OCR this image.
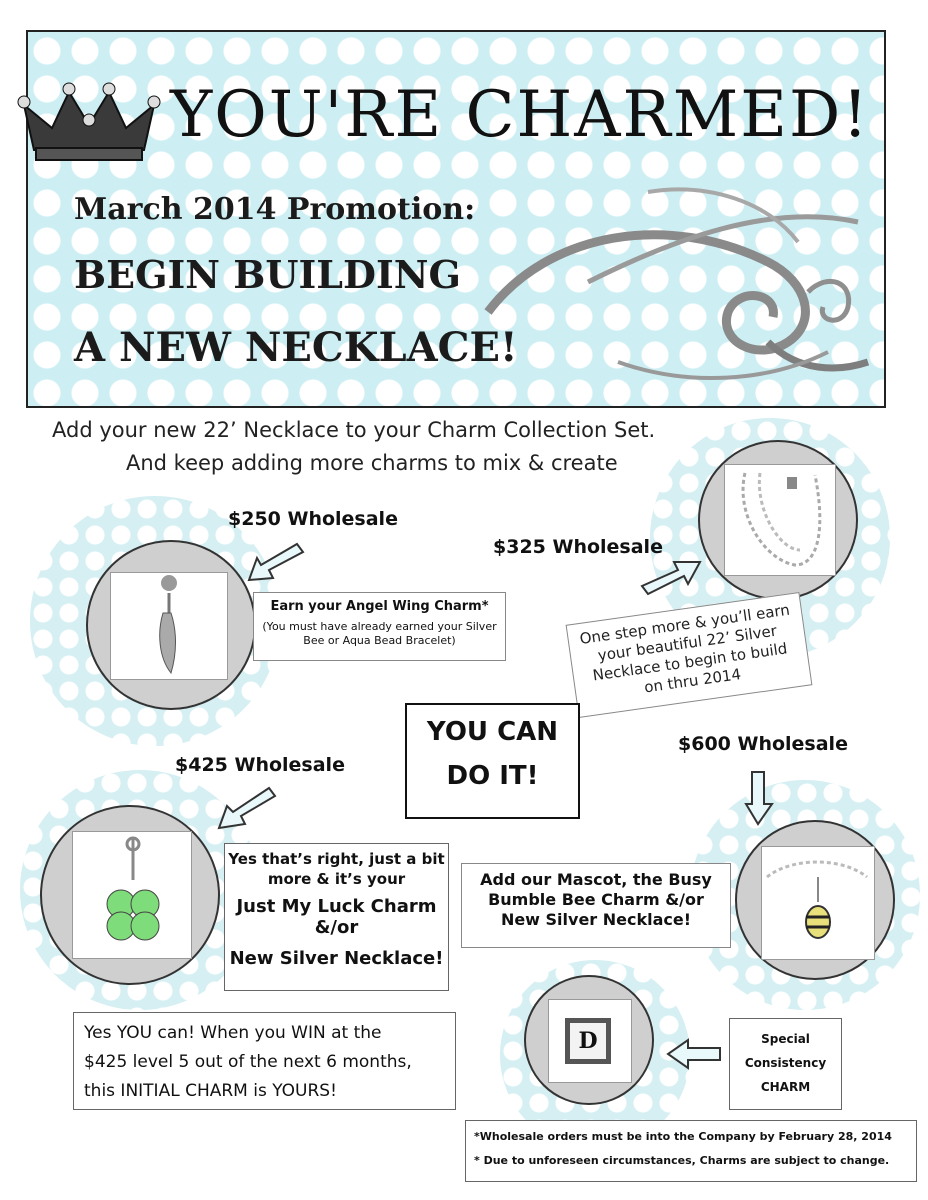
YOU'RE CHARMED!
March 2014 Promotion:
BEGIN BUILDING
A NEW NECKLACE!
Add your new 22’ Necklace to your Charm Collection Set.
And keep adding more charms to mix & create
$250 Wholesale
Earn your Angel Wing Charm*
(You must have already earned your Silver Bee or Aqua Bead Bracelet)
$325 Wholesale
One step more & you’ll earn your beautiful 22’ Silver Necklace to begin to build on thru 2014
YOU CAN
DO IT!
$425 Wholesale
Yes that’s right, just a bit
more & it’s your
Just My Luck Charm
&/or
New Silver Necklace!
$600 Wholesale
Add our Mascot, the Busy Bumble Bee Charm &/or New Silver Necklace!
Yes YOU can! When you WIN at the
$425 level 5 out of the next 6 months,
this INITIAL CHARM is YOURS!
D	Special
Consistency
CHARM
*Wholesale orders must be into the Company by February 28, 2014
* Due to unforeseen circumstances, Charms are subject to change.
